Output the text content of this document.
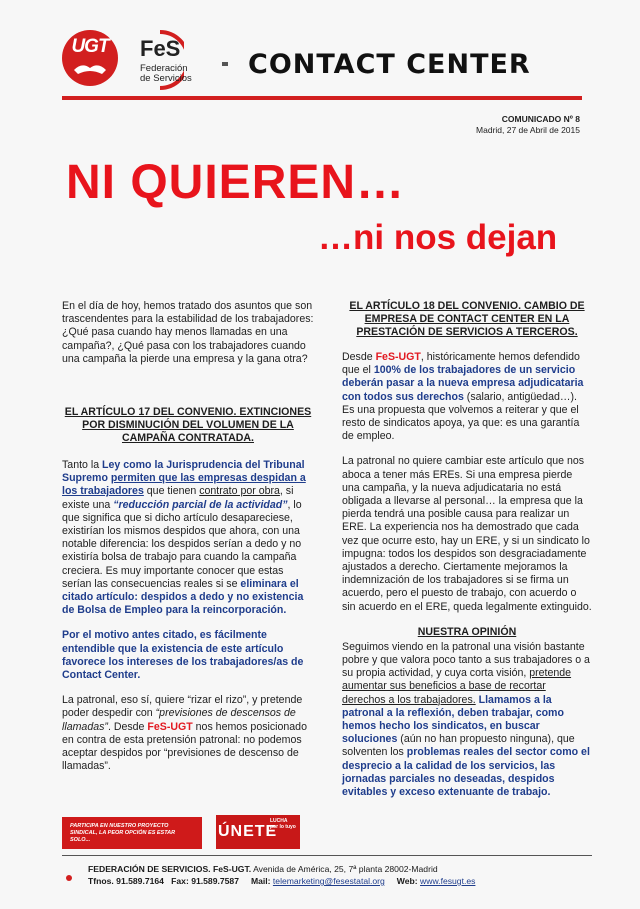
UGT FeS
Federación de Servicios	CONTACT CENTER
COMUNICADO Nº 8
Madrid, 27 de Abril de 2015
NI QUIEREN…
…ni nos dejan

En el día de hoy, hemos tratado dos asuntos que son trascendentes para la estabilidad de los trabajadores:¿Qué pasa cuando hay menos llamadas en una campaña?, ¿Qué pasa con los trabajadores cuando una campaña la pierde una empresa y la gana otra?

EL ARTÍCULO 17 DEL CONVENIO. EXTINCIONES POR DISMINUCIÓN DEL VOLUMEN DE LA CAMPAÑA CONTRATADA.

Tanto la Ley como la Jurisprudencia del Tribunal Supremo permiten que las empresas despidan a los trabajadores que tienen contrato por obra, si existe una “reducción parcial de la actividad”, lo que significa que si dicho artículo desapareciese, existirían los mismos despidos que ahora, con una notable diferencia: los despidos serían a dedo y no existiría bolsa de trabajo para cuando la campaña creciera. Es muy importante conocer que estas serían las consecuencias reales si se eliminara el citado artículo: despidos a dedo y no existencia de Bolsa de Empleo para la reincorporación.

Por el motivo antes citado, es fácilmente entendible que la existencia de este artículo favorece los intereses de los trabajadores/as de Contact Center.

La patronal, eso sí, quiere “rizar el rizo”, y pretende poder despedir con “previsiones de descensos de llamadas”. Desde FeS-UGT nos hemos posicionado en contra de esta pretensión patronal: no podemos aceptar despidos por “previsiones de descenso de llamadas”.

EL ARTÍCULO 18 DEL CONVENIO. CAMBIO DE EMPRESA DE CONTACT CENTER EN LA PRESTACIÓN DE SERVICIOS A TERCEROS.

Desde FeS-UGT, históricamente hemos defendido que el 100% de los trabajadores de un servicio deberán pasar a la nueva empresa adjudicataria con todos sus derechos (salario, antigüedad…). Es una propuesta que volvemos a reiterar y que el resto de sindicatos apoya, ya que: es una garantía de empleo.

La patronal no quiere cambiar este artículo que nos aboca a tener más EREs. Si una empresa pierde una campaña, y la nueva adjudicataria no está obligada a llevarse al personal… la empresa que la pierda tendrá una posible causa para realizar un ERE. La experiencia nos ha demostrado que cada vez que ocurre esto, hay un ERE, y si un sindicato lo impugna: todos los despidos son desgraciadamente ajustados a derecho. Ciertamente mejoramos la indemnización de los trabajadores si se firma un acuerdo, pero el puesto de trabajo, con acuerdo o sin acuerdo en el ERE, queda legalmente extinguido.

NUESTRA OPINIÓN

Seguimos viendo en la patronal una visión bastante pobre y que valora poco tanto a sus trabajadores o a su propia actividad, y cuya corta visión, pretende aumentar sus beneficios a base de recortar derechos a los trabajadores. Llamamos a la patronal a la reflexión, deben trabajar, como hemos hecho los sindicatos, en buscar soluciones (aún no han propuesto ninguna), que solventen los problemas reales del sector como el desprecio a la calidad de los servicios, las jornadas parciales no deseadas, despidos evitables y exceso extenuante de trabajo.

PARTICIPA EN NUESTRO PROYECTO SINDICAL, LA PEOR OPCIÓN ES ESTAR SOLO...	ÚNETE
LUCHA por lo tuyo
FEDERACIÓN DE SERVICIOS. FeS-UGT. Avenida de América, 25, 7ª planta 28002-Madrid
Tfnos. 91.589.7164 Fax: 91.589.7587 Mail: telemarketing@fesestatal.org Web: www.fesugt.es
